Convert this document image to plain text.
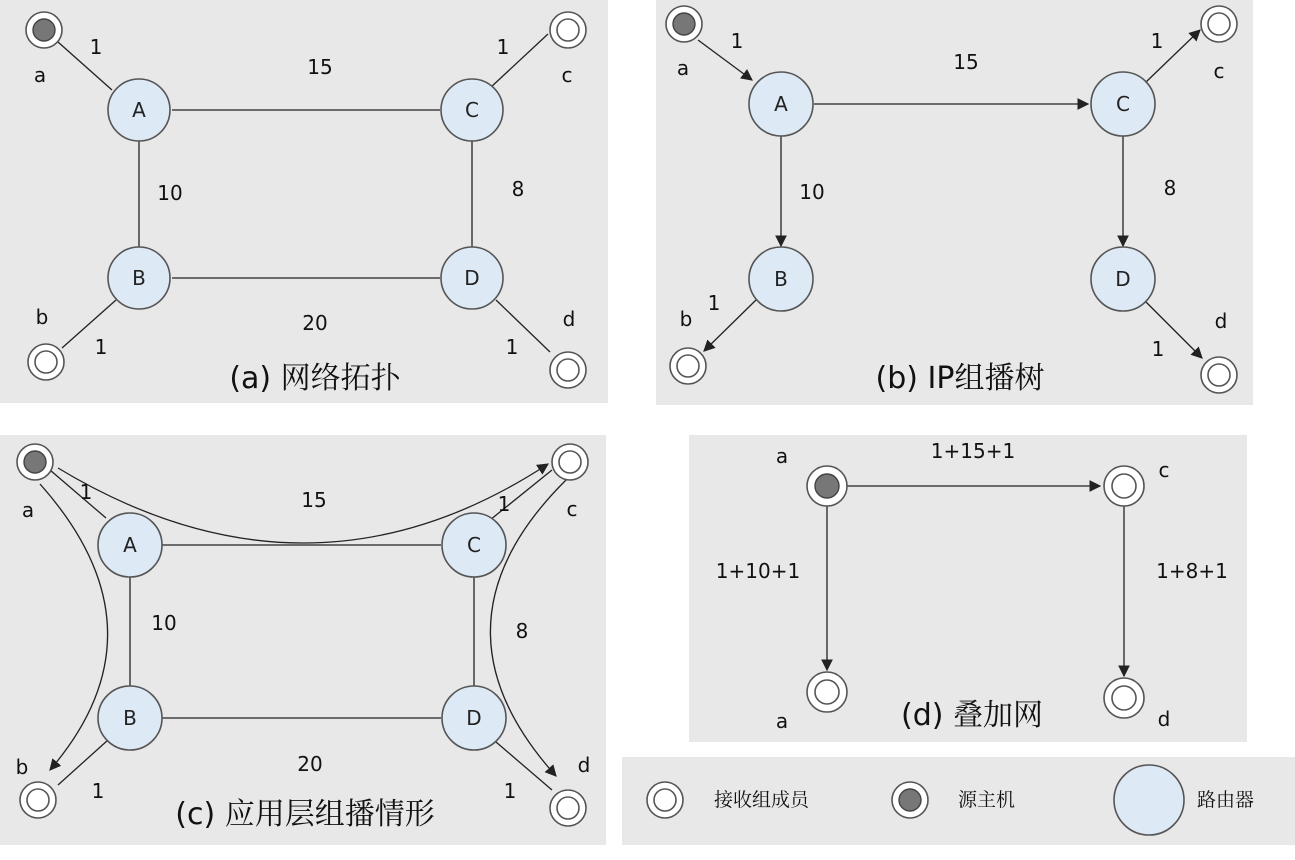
A	C
B	D
a
b
c
d
1
15
1
10	8
20
1	1
(a) 网络拓扑
A	C
B	D
a
b
c
d
1
15
1
10	8
1
1
(b) IP组播树
A	C
B	D
a
b
c
d
1	15	1
10	8
20
1	1
(c) 应用层组播情形
a
c
a	d
1+15+1
1+10+1	1+8+1
(d) 叠加网
接收组成员	源主机	路由器
